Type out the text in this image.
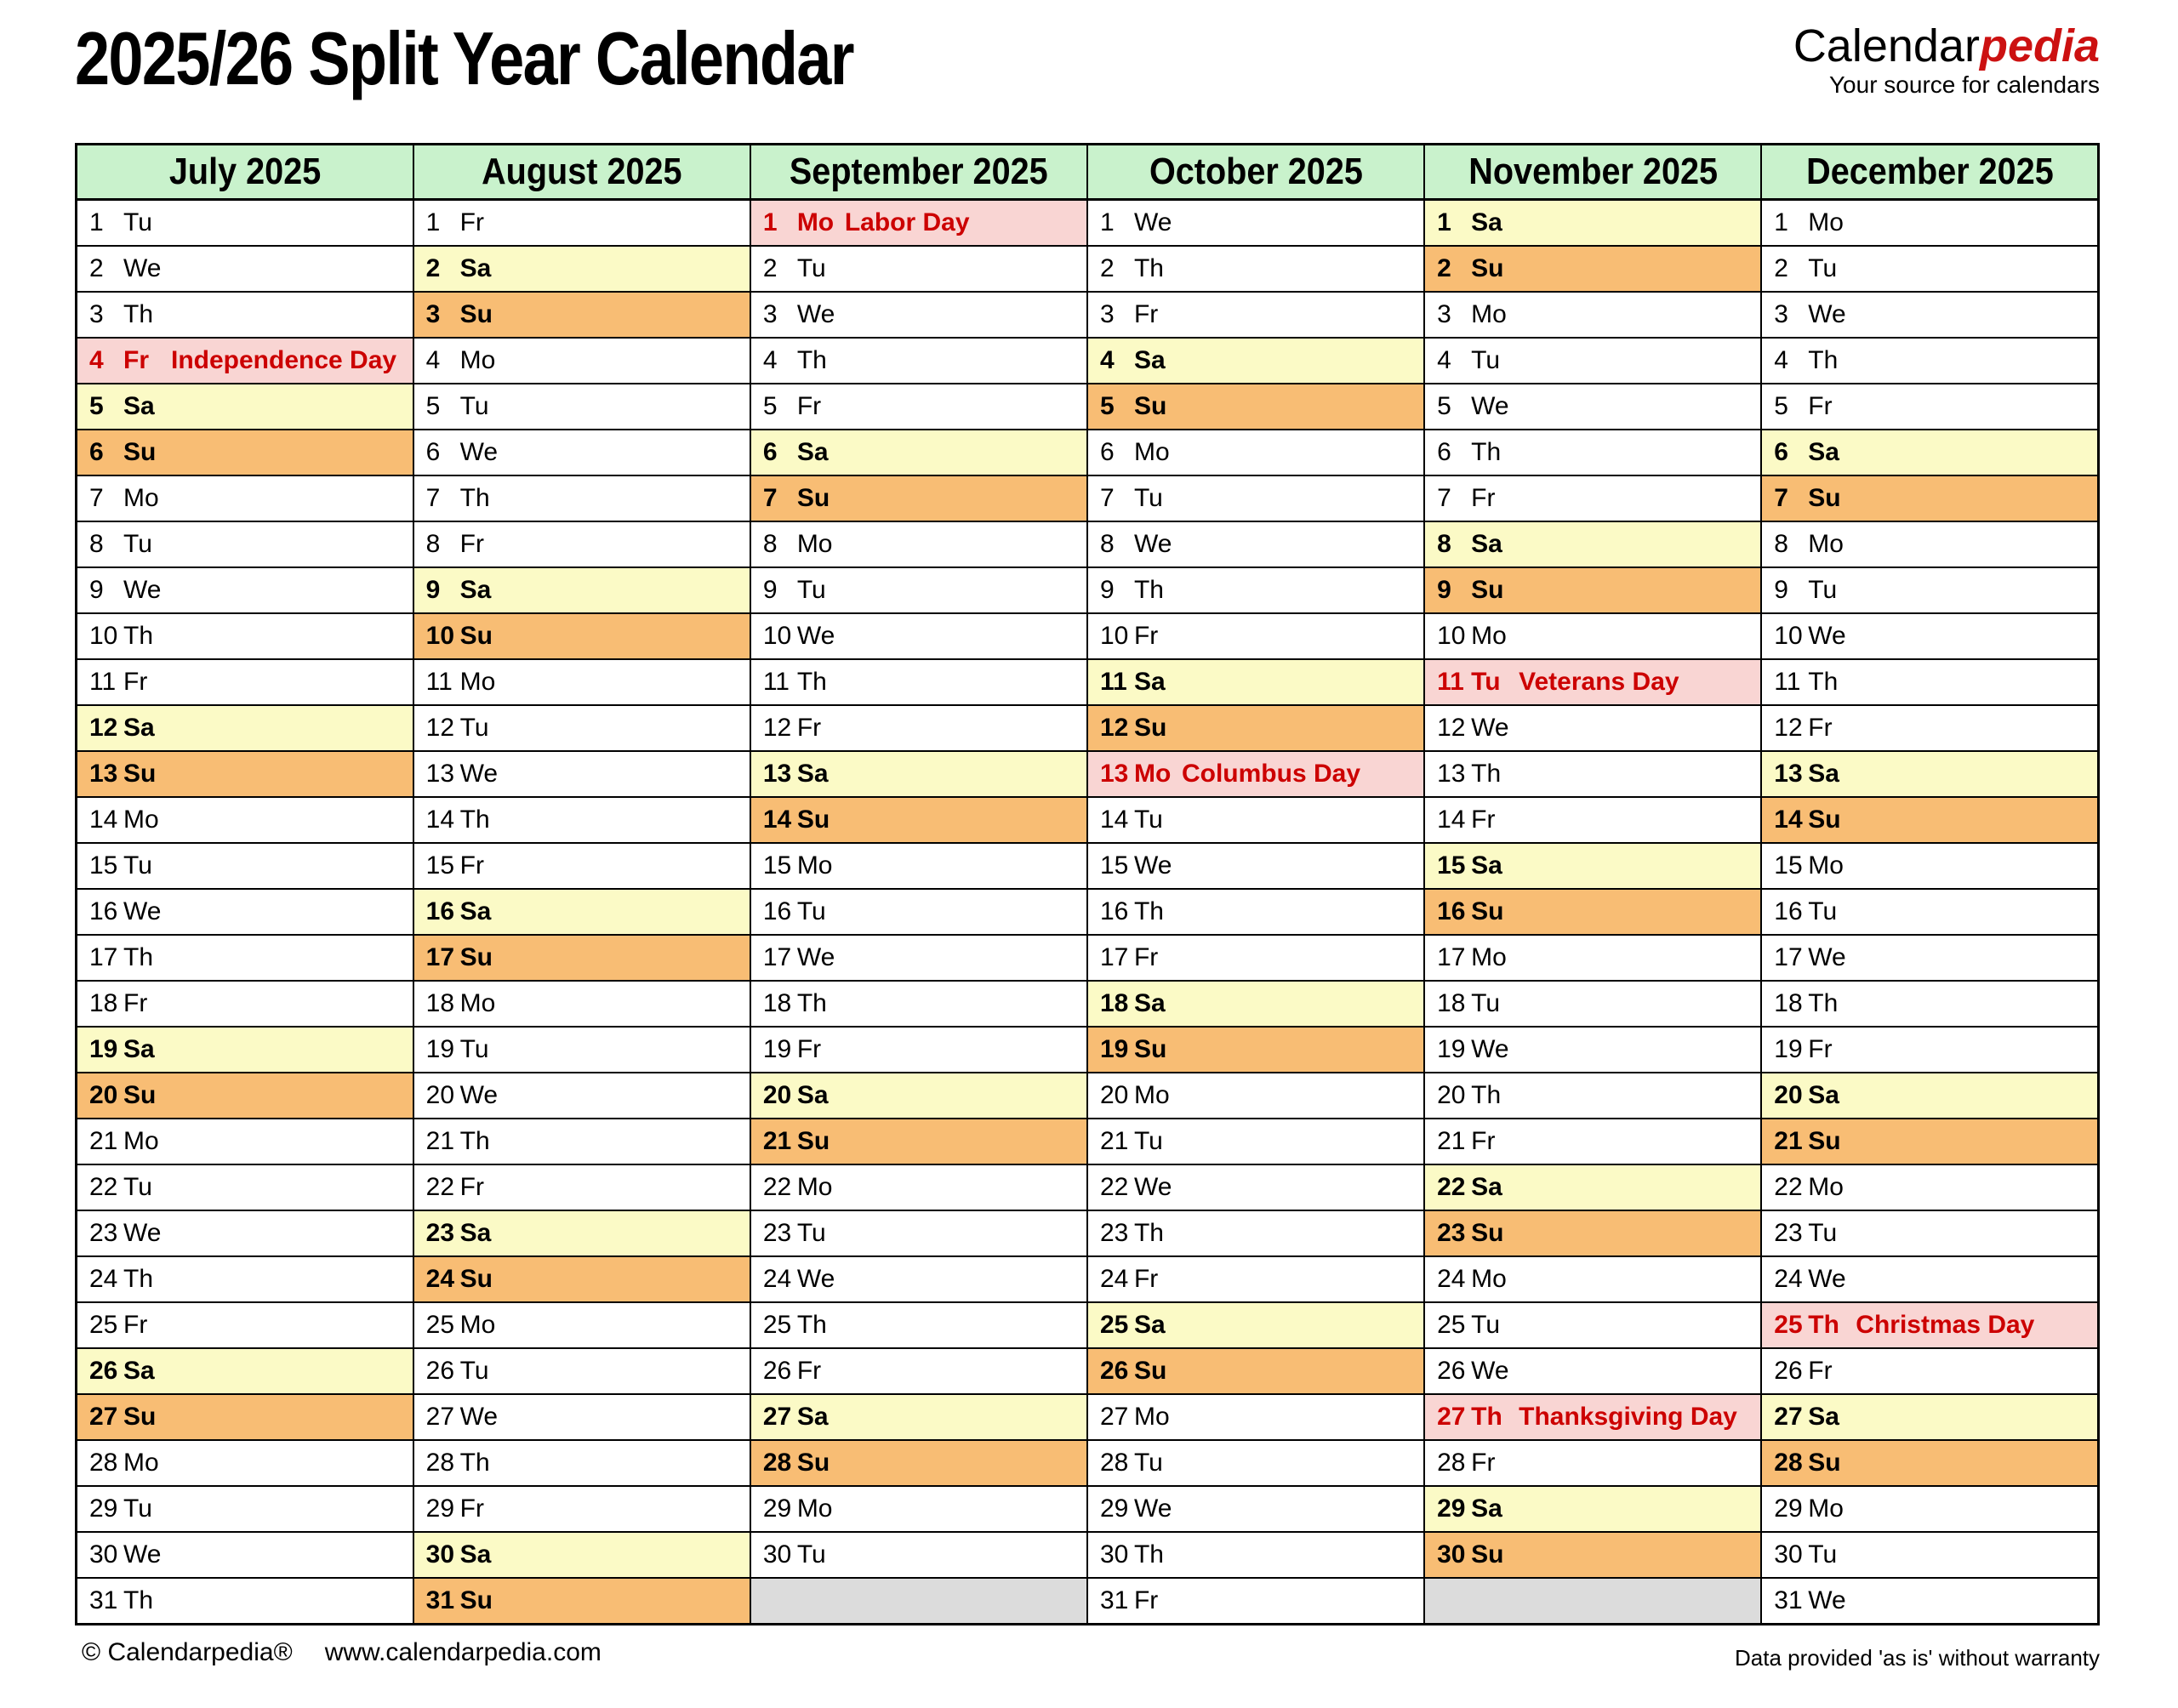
2025/26 Split Year Calendar	Calendarpedia
Your source for calendars
July 2025	August 2025	September 2025	October 2025	November 2025	December 2025
1 Tu	1 Fr	1 Mo Labor Day	1 We	1 Sa	1 Mo
2 We	2 Sa	2 Tu	2 Th	2 Su	2 Tu
3 Th	3 Su	3 We	3 Fr	3 Mo	3 We
4 Fr Independence Day	4 Mo	4 Th	4 Sa	4 Tu	4 Th
5 Sa	5 Tu	5 Fr	5 Su	5 We	5 Fr
6 Su	6 We	6 Sa	6 Mo	6 Th	6 Sa
7 Mo	7 Th	7 Su	7 Tu	7 Fr	7 Su
8 Tu	8 Fr	8 Mo	8 We	8 Sa	8 Mo
9 We	9 Sa	9 Tu	9 Th	9 Su	9 Tu
10 Th	10 Su	10 We	10 Fr	10 Mo	10 We
11 Fr	11 Mo	11 Th	11 Sa	11 Tu Veterans Day	11 Th
12 Sa	12 Tu	12 Fr	12 Su	12 We	12 Fr
13 Su	13 We	13 Sa	13 Mo Columbus Day	13 Th	13 Sa
14 Mo	14 Th	14 Su	14 Tu	14 Fr	14 Su
15 Tu	15 Fr	15 Mo	15 We	15 Sa	15 Mo
16 We	16 Sa	16 Tu	16 Th	16 Su	16 Tu
17 Th	17 Su	17 We	17 Fr	17 Mo	17 We
18 Fr	18 Mo	18 Th	18 Sa	18 Tu	18 Th
19 Sa	19 Tu	19 Fr	19 Su	19 We	19 Fr
20 Su	20 We	20 Sa	20 Mo	20 Th	20 Sa
21 Mo	21 Th	21 Su	21 Tu	21 Fr	21 Su
22 Tu	22 Fr	22 Mo	22 We	22 Sa	22 Mo
23 We	23 Sa	23 Tu	23 Th	23 Su	23 Tu
24 Th	24 Su	24 We	24 Fr	24 Mo	24 We
25 Fr	25 Mo	25 Th	25 Sa	25 Tu	25 Th Christmas Day
26 Sa	26 Tu	26 Fr	26 Su	26 We	26 Fr
27 Su	27 We	27 Sa	27 Mo	27 Th Thanksgiving Day	27 Sa
28 Mo	28 Th	28 Su	28 Tu	28 Fr	28 Su
29 Tu	29 Fr	29 Mo	29 We	29 Sa	29 Mo
30 We	30 Sa	30 Tu	30 Th	30 Su	30 Tu
31 Th	31 Su		31 Fr		31 We
© Calendarpedia® www.calendarpedia.com	Data provided 'as is' without warranty
